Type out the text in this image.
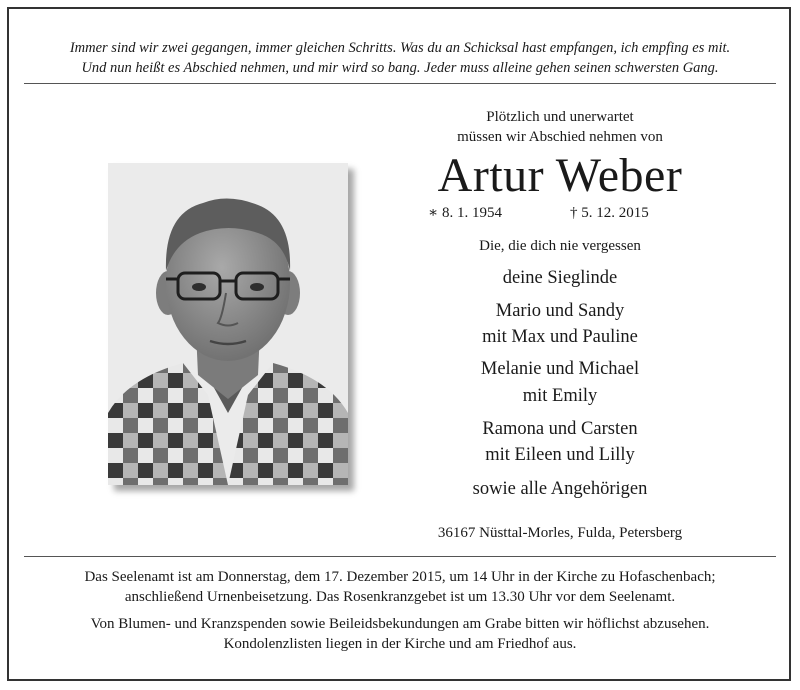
Immer sind wir zwei gegangen, immer gleichen Schritts. Was du an Schicksal hast empfangen, ich empfing es mit.
Und nun heißt es Abschied nehmen, und mir wird so bang. Jeder muss alleine gehen seinen schwersten Gang.
Plötzlich und unerwartet
müssen wir Abschied nehmen von
Artur Weber
∗ 8. 1. 1954	† 5. 12. 2015
Die, die dich nie vergessen
deine Sieglinde
Mario und Sandy
mit Max und Pauline
Melanie und Michael
mit Emily
Ramona und Carsten
mit Eileen und Lilly
sowie alle Angehörigen
36167 Nüsttal-Morles, Fulda, Petersberg
Das Seelenamt ist am Donnerstag, dem 17. Dezember 2015, um 14 Uhr in der Kirche zu Hofaschenbach;
anschließend Urnenbeisetzung. Das Rosenkranzgebet ist um 13.30 Uhr vor dem Seelenamt.
Von Blumen- und Kranzspenden sowie Beileidsbekundungen am Grabe bitten wir höflichst abzusehen.
Kondolenzlisten liegen in der Kirche und am Friedhof aus.
